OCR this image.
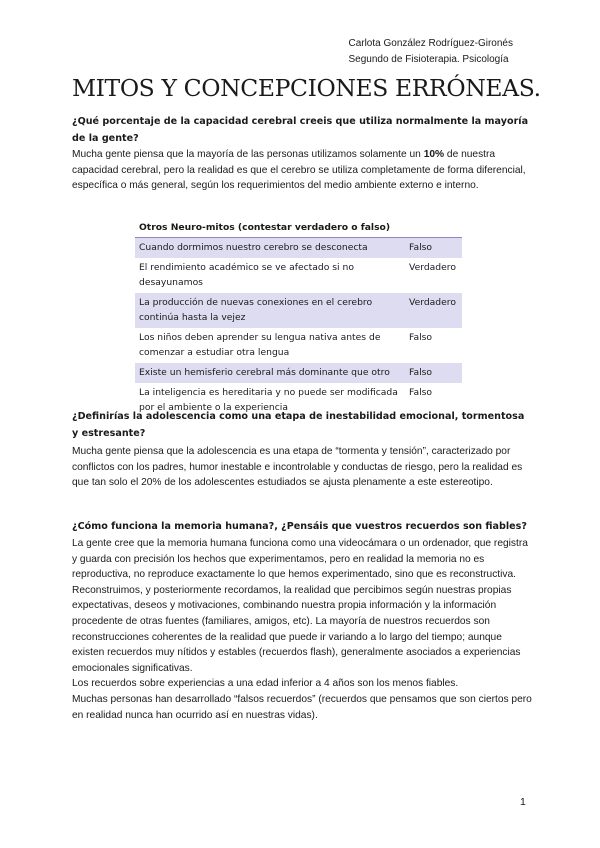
Carlota González Rodríguez-Gironés
Segundo de Fisioterapia. Psicología
MITOS Y CONCEPCIONES ERRÓNEAS.

¿Qué porcentaje de la capacidad cerebral creeis que utiliza normalmente la mayoría de la gente?

Mucha gente piensa que la mayoría de las personas utilizamos solamente un 10% de nuestra capacidad cerebral, pero la realidad es que el cerebro se utiliza completamente de forma diferencial, específica o más general, según los requerimientos del medio ambiente externo e interno.

Otros Neuro-mitos (contestar verdadero o falso)	
Cuando dormimos nuestro cerebro se desconecta	Falso
El rendimiento académico se ve afectado si no desayunamos	Verdadero
La producción de nuevas conexiones en el cerebro continúa hasta la vejez	Verdadero
Los niños deben aprender su lengua nativa antes de comenzar a estudiar otra lengua	Falso
Existe un hemisferio cerebral más dominante que otro	Falso
La inteligencia es hereditaria y no puede ser modificada por el ambiente o la experiencia	Falso

¿Definirías la adolescencia como una etapa de inestabilidad emocional, tormentosa y estresante?

Mucha gente piensa que la adolescencia es una etapa de “tormenta y tensión”, caracterizado por conflictos con los padres, humor inestable e incontrolable y conductas de riesgo, pero la realidad es que tan solo el 20% de los adolescentes estudiados se ajusta plenamente a este estereotipo.

¿Cómo funciona la memoria humana?, ¿Pensáis que vuestros recuerdos son fiables?

La gente cree que la memoria humana funciona como una videocámara o un ordenador, que registra y guarda con precisión los hechos que experimentamos, pero en realidad la memoria no es reproductiva, no reproduce exactamente lo que hemos experimentado, sino que es reconstructiva. Reconstruimos, y posteriormente recordamos, la realidad que percibimos según nuestras propias expectativas, deseos y motivaciones, combinando nuestra propia información y la información procedente de otras fuentes (familiares, amigos, etc). La mayoría de nuestros recuerdos son reconstrucciones coherentes de la realidad que puede ir variando a lo largo del tiempo; aunque existen recuerdos muy nítidos y estables (recuerdos flash), generalmente asociados a experiencias emocionales significativas.

Los recuerdos sobre experiencias a una edad inferior a 4 años son los menos fiables.

Muchas personas han desarrollado “falsos recuerdos” (recuerdos que pensamos que son ciertos pero en realidad nunca han ocurrido así en nuestras vidas).

1
